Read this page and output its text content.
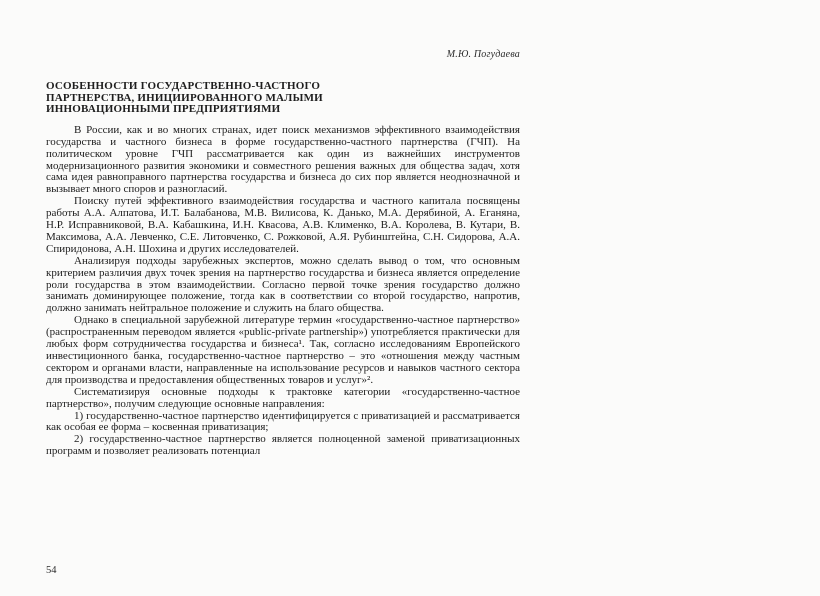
М.Ю. Погудаева
ОСОБЕННОСТИ ГОСУДАРСТВЕННО-ЧАСТНОГО ПАРТНЕРСТВА, ИНИЦИИРОВАННОГО МАЛЫМИ ИННОВАЦИОННЫМИ ПРЕДПРИЯТИЯМИ

В России, как и во многих странах, идет поиск механизмов эффективного взаимодействия государства и частного бизнеса в форме государственно-частного партнерства (ГЧП). На политическом уровне ГЧП рассматривается как один из важнейших инструментов модернизационного развития экономики и совместного решения важных для общества задач, хотя сама идея равноправного партнерства государства и бизнеса до сих пор является неоднозначной и вызывает много споров и разногласий.

Поиску путей эффективного взаимодействия государства и частного капитала посвящены работы А.А. Алпатова, И.Т. Балабанова, М.В. Вилисова, К. Данько, М.А. Дерябиной, А. Еганяна, Н.Р. Исправниковой, В.А. Кабашкина, И.Н. Квасова, А.В. Клименко, В.А. Королева, В. Кутари, В. Максимова, А.А. Левченко, С.Е. Литовченко, С. Рожковой, А.Я. Рубинштейна, С.Н. Сидорова, А.А. Спиридонова, А.Н. Шохина и других исследователей.

Анализируя подходы зарубежных экспертов, можно сделать вывод о том, что основным критерием различия двух точек зрения на партнерство государства и бизнеса является определение роли государства в этом взаимодействии. Согласно первой точке зрения государство должно занимать доминирующее положение, тогда как в соответствии со второй государство, напротив, должно занимать нейтральное положение и служить на благо общества.

Однако в специальной зарубежной литературе термин «государственно-частное партнерство» (распространенным переводом является «public-private partnership») употребляется практически для любых форм сотрудничества государства и бизнеса¹. Так, согласно исследованиям Европейского инвестиционного банка, государственно-частное партнерство – это «отношения между частным сектором и органами власти, направленные на использование ресурсов и навыков частного сектора для производства и предоставления общественных товаров и услуг»².

Систематизируя основные подходы к трактовке категории «государственно-частное партнерство», получим следующие основные направления:

1) государственно-частное партнерство идентифицируется с приватизацией и рассматривается как особая ее форма – косвенная приватизация;

2) государственно-частное партнерство является полноценной заменой приватизационных программ и позволяет реализовать потенциал

54
